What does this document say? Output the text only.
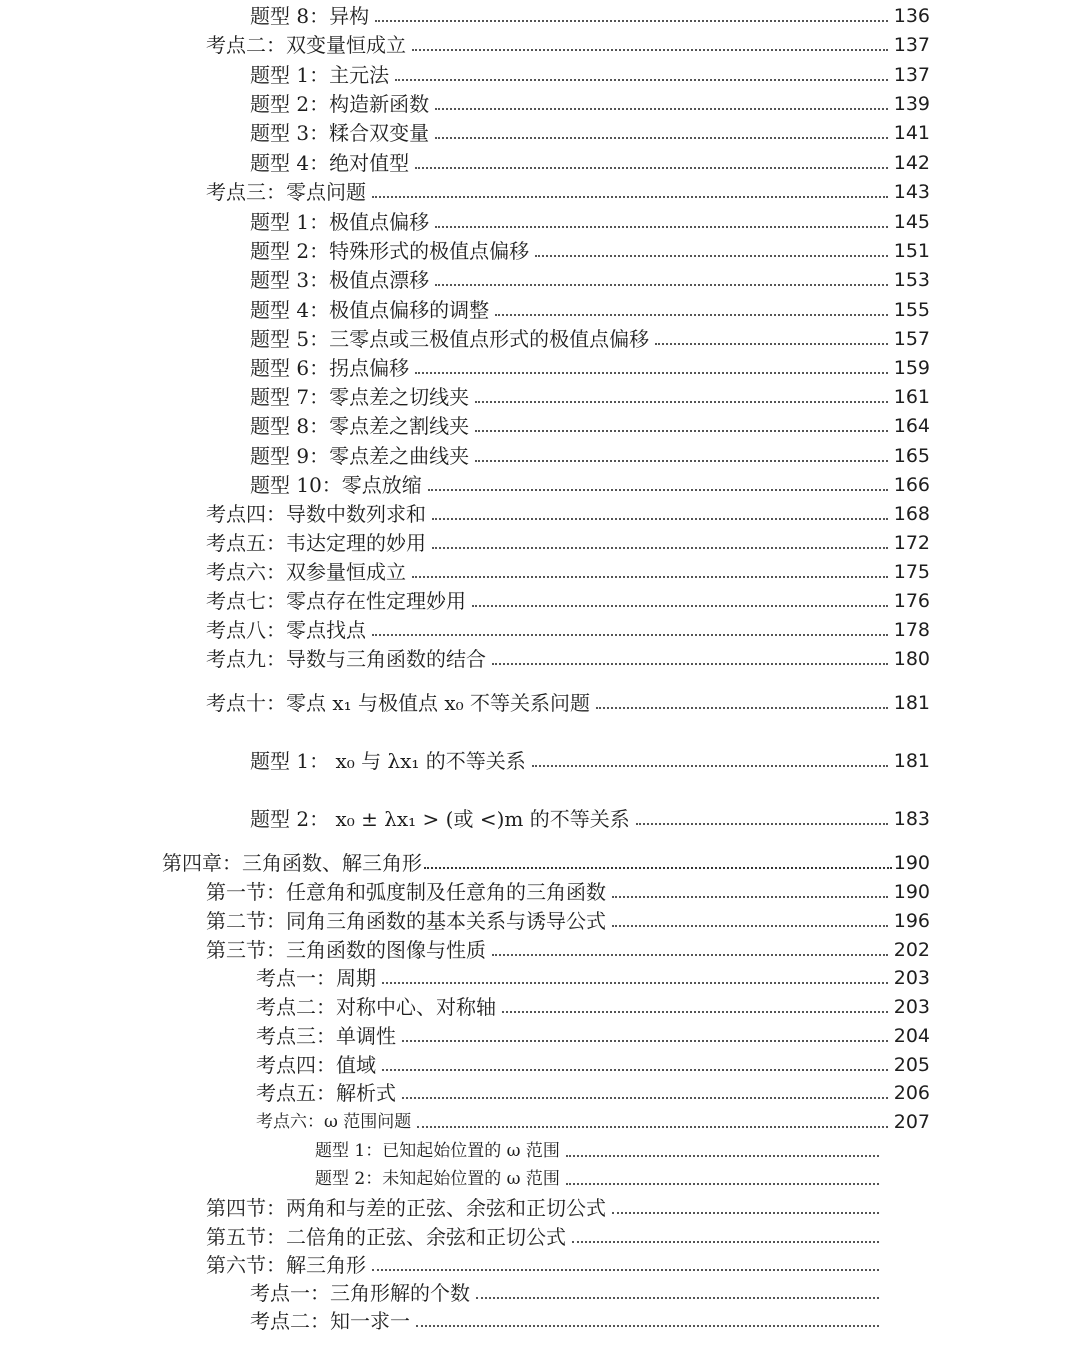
题型 8：异构	136
考点二：双变量恒成立	137
题型 1：主元法	137
题型 2：构造新函数	139
题型 3：糅合双变量	141
题型 4：绝对值型	142
考点三：零点问题	143
题型 1：极值点偏移	145
题型 2：特殊形式的极值点偏移	151
题型 3：极值点漂移	153
题型 4：极值点偏移的调整	155
题型 5：三零点或三极值点形式的极值点偏移	157
题型 6：拐点偏移	159
题型 7：零点差之切线夹	161
题型 8：零点差之割线夹	164
题型 9：零点差之曲线夹	165
题型 10：零点放缩	166
考点四：导数中数列求和	168
考点五：韦达定理的妙用	172
考点六：双参量恒成立	175
考点七：零点存在性定理妙用	176
考点八：零点找点	178
考点九：导数与三角函数的结合	180
考点十：零点 x₁ 与极值点 x₀ 不等关系问题	181
题型 1： x₀ 与 λx₁ 的不等关系	181
题型 2： x₀ ± λx₁ > (或 <)m 的不等关系	183
第四章：三角函数、解三角形	190
第一节：任意角和弧度制及任意角的三角函数	190
第二节：同角三角函数的基本关系与诱导公式	196
第三节：三角函数的图像与性质	202
考点一：周期	203
考点二：对称中心、对称轴	203
考点三：单调性	204
考点四：值域	205
考点五：解析式	206
考点六：ω 范围问题	207
题型 1：已知起始位置的 ω 范围
题型 2：未知起始位置的 ω 范围
第四节：两角和与差的正弦、余弦和正切公式
第五节：二倍角的正弦、余弦和正切公式
第六节：解三角形
考点一：三角形解的个数
考点二：知一求一
